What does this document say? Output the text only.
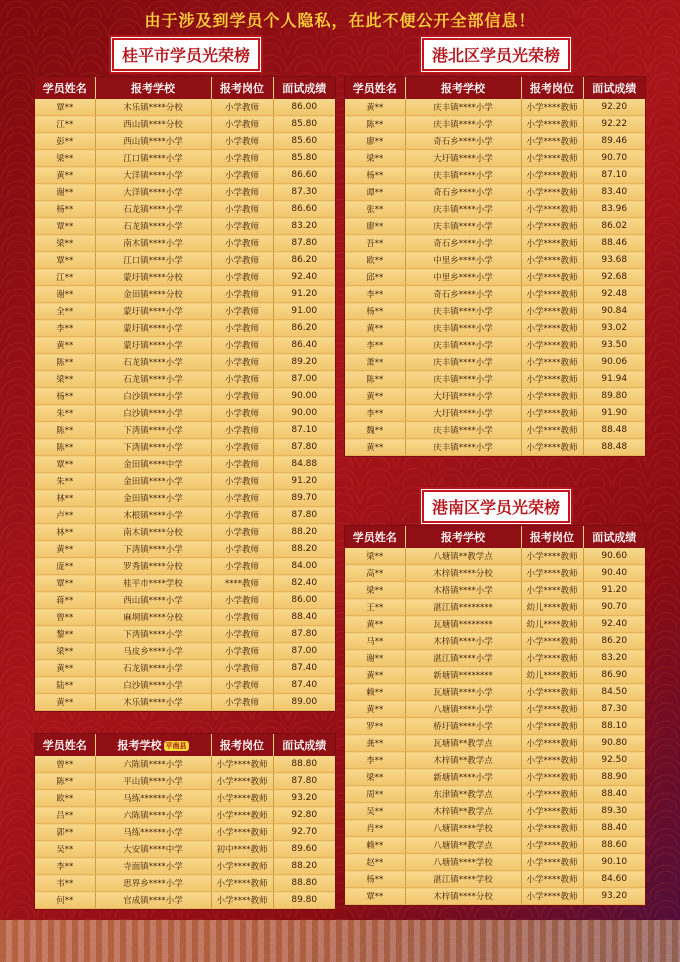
由于涉及到学员个人隐私，在此不便公开全部信息！
桂平市学员光荣榜
学员姓名	报考学校	报考岗位	面试成绩
覃**	木乐镇****分校	小学教师	86.00
江**	西山镇****分校	小学教师	85.80
彭**	西山镇****小学	小学教师	85.60
梁**	江口镇****小学	小学教师	85.80
黄**	大洋镇****小学	小学教师	86.60
谢**	大洋镇****小学	小学教师	87.30
杨**	石龙镇****小学	小学教师	86.60
覃**	石龙镇****小学	小学教师	83.20
梁**	南木镇****小学	小学教师	87.80
覃**	江口镇****小学	小学教师	86.20
江**	蒙圩镇****分校	小学教师	92.40
谢**	金田镇****分校	小学教师	91.20
全**	蒙圩镇****小学	小学教师	91.00
李**	蒙圩镇****小学	小学教师	86.20
黄**	蒙圩镇****小学	小学教师	86.40
陈**	石龙镇****小学	小学教师	89.20
梁**	石龙镇****小学	小学教师	87.00
杨**	白沙镇****小学	小学教师	90.00
朱**	白沙镇****小学	小学教师	90.00
陈**	下湾镇****小学	小学教师	87.10
陈**	下湾镇****小学	小学教师	87.80
覃**	金田镇****中学	小学教师	84.88
朱**	金田镇****小学	小学教师	91.20
林**	金田镇****小学	小学教师	89.70
卢**	木根镇****小学	小学教师	87.80
林**	南木镇****分校	小学教师	88.20
黄**	下湾镇****小学	小学教师	88.20
庞**	罗秀镇****分校	小学教师	84.00
覃**	桂平市****学校	****教师	82.40
蒋**	西山镇****小学	小学教师	86.00
曾**	麻垌镇****分校	小学教师	88.40
黎**	下湾镇****小学	小学教师	87.80
梁**	马皮乡****小学	小学教师	87.00
黄**	石龙镇****小学	小学教师	87.40
陆**	白沙镇****小学	小学教师	87.40
黄**	木乐镇****小学	小学教师	89.00
学员姓名	报考学校 平南县	报考岗位	面试成绩
曾**	六陈镇****小学	小学****教师	88.80
陈**	平山镇****小学	小学****教师	87.80
欧**	马练******小学	小学****教师	93.20
吕**	六陈镇****小学	小学****教师	92.80
郭**	马练******小学	小学****教师	92.70
吴**	大安镇****中学	初中****教师	89.60
李**	寺面镇****小学	小学****教师	88.20
韦**	思界乡****小学	小学****教师	88.80
何**	官成镇****小学	小学****教师	89.80
港北区学员光荣榜
学员姓名	报考学校	报考岗位	面试成绩
黄**	庆丰镇****小学	小学****教师	92.20
陈**	庆丰镇****小学	小学****教师	92.22
廖**	奇石乡****小学	小学****教师	89.46
梁**	大圩镇****小学	小学****教师	90.70
杨**	庆丰镇****小学	小学****教师	87.10
谭**	奇石乡****小学	小学****教师	83.40
张**	庆丰镇****小学	小学****教师	83.96
廖**	庆丰镇****小学	小学****教师	86.02
吾**	奇石乡****小学	小学****教师	88.46
欧**	中里乡****小学	小学****教师	93.68
邱**	中里乡****小学	小学****教师	92.68
李**	奇石乡****小学	小学****教师	92.48
杨**	庆丰镇****小学	小学****教师	90.84
黄**	庆丰镇****小学	小学****教师	93.02
李**	庆丰镇****小学	小学****教师	93.50
萧**	庆丰镇****小学	小学****教师	90.06
陈**	庆丰镇****小学	小学****教师	91.94
黄**	大圩镇****小学	小学****教师	89.80
李**	大圩镇****小学	小学****教师	91.90
魏**	庆丰镇****小学	小学****教师	88.48
黄**	庆丰镇****小学	小学****教师	88.48
港南区学员光荣榜
学员姓名	报考学校	报考岗位	面试成绩
梁**	八塘镇**教学点	小学****教师	90.60
高**	木梓镇****分校	小学****教师	90.40
梁**	木格镇****小学	小学****教师	91.20
王**	湛江镇********	幼儿****教师	90.70
黄**	瓦塘镇********	幼儿****教师	92.40
马**	木梓镇****小学	小学****教师	86.20
谢**	湛江镇****小学	小学****教师	83.20
黄**	新塘镇********	幼儿****教师	86.90
赖**	瓦塘镇****小学	小学****教师	84.50
黄**	八塘镇****小学	小学****教师	87.30
罗**	桥圩镇****小学	小学****教师	88.10
龚**	瓦塘镇**教学点	小学****教师	90.80
李**	木梓镇**教学点	小学****教师	92.50
梁**	新塘镇****小学	小学****教师	88.90
周**	东津镇**教学点	小学****教师	88.40
吴**	木梓镇**教学点	小学****教师	89.30
肖**	八塘镇****学校	小学****教师	88.40
赖**	八塘镇**教学点	小学****教师	88.60
赵**	八塘镇****学校	小学****教师	90.10
杨**	湛江镇****学校	小学****教师	84.60
覃**	木梓镇****分校	小学****教师	93.20
